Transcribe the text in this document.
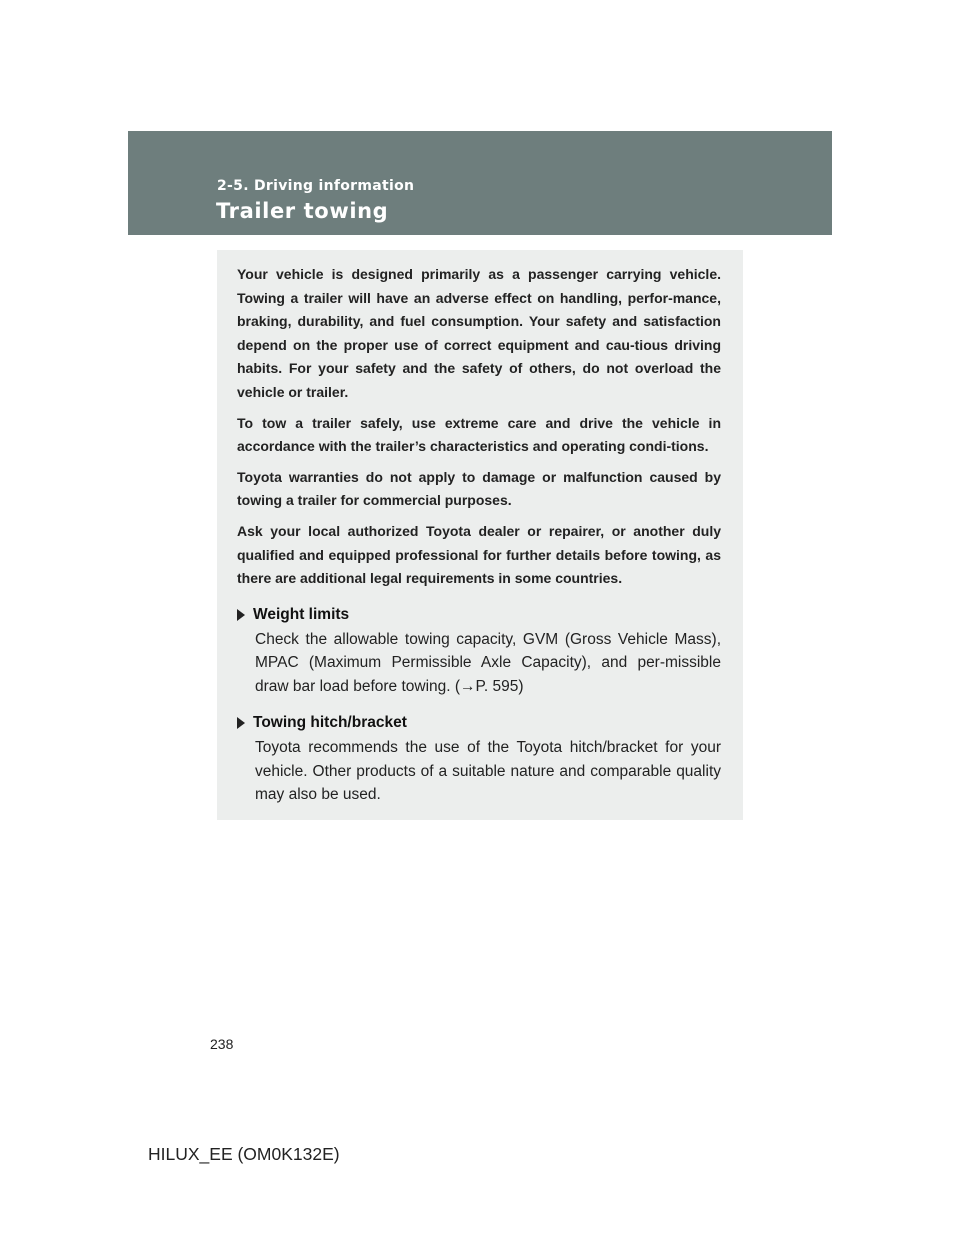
2-5. Driving information
Trailer towing

Your vehicle is designed primarily as a passenger carrying vehicle. Towing a trailer will have an adverse effect on handling, perfor-mance, braking, durability, and fuel consumption. Your safety and satisfaction depend on the proper use of correct equipment and cau-tious driving habits. For your safety and the safety of others, do not overload the vehicle or trailer.

To tow a trailer safely, use extreme care and drive the vehicle in accordance with the trailer’s characteristics and operating condi-tions.

Toyota warranties do not apply to damage or malfunction caused by towing a trailer for commercial purposes.

Ask your local authorized Toyota dealer or repairer, or another duly qualified and equipped professional for further details before towing, as there are additional legal requirements in some countries.

Weight limits
Check the allowable towing capacity, GVM (Gross Vehicle Mass), MPAC (Maximum Permissible Axle Capacity), and per-missible draw bar load before towing. (→P. 595)
Towing hitch/bracket
Toyota recommends the use of the Toyota hitch/bracket for your vehicle. Other products of a suitable nature and comparable quality may also be used.
238
HILUX_EE (OM0K132E)
